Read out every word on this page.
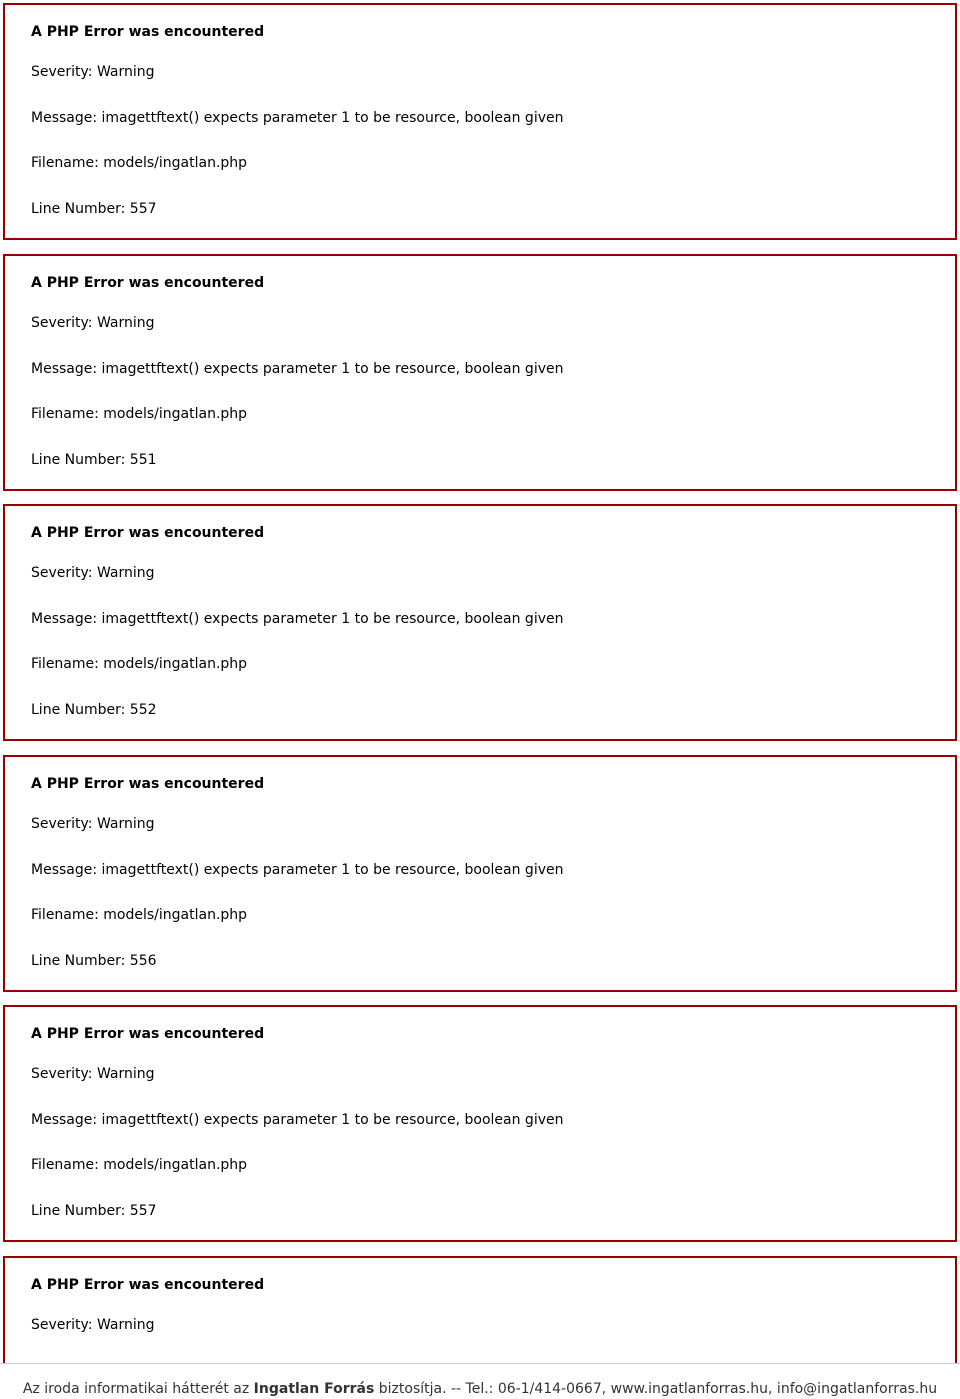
A PHP Error was encountered

Severity: Warning

Message: imagettftext() expects parameter 1 to be resource, boolean given

Filename: models/ingatlan.php

Line Number: 557

A PHP Error was encountered

Severity: Warning

Message: imagettftext() expects parameter 1 to be resource, boolean given

Filename: models/ingatlan.php

Line Number: 551

A PHP Error was encountered

Severity: Warning

Message: imagettftext() expects parameter 1 to be resource, boolean given

Filename: models/ingatlan.php

Line Number: 552

A PHP Error was encountered

Severity: Warning

Message: imagettftext() expects parameter 1 to be resource, boolean given

Filename: models/ingatlan.php

Line Number: 556

A PHP Error was encountered

Severity: Warning

Message: imagettftext() expects parameter 1 to be resource, boolean given

Filename: models/ingatlan.php

Line Number: 557

A PHP Error was encountered

Severity: Warning

Az iroda informatikai hátterét az Ingatlan Forrás biztosítja. -- Tel.: 06-1/414-0667, www.ingatlanforras.hu, info@ingatlanforras.hu
